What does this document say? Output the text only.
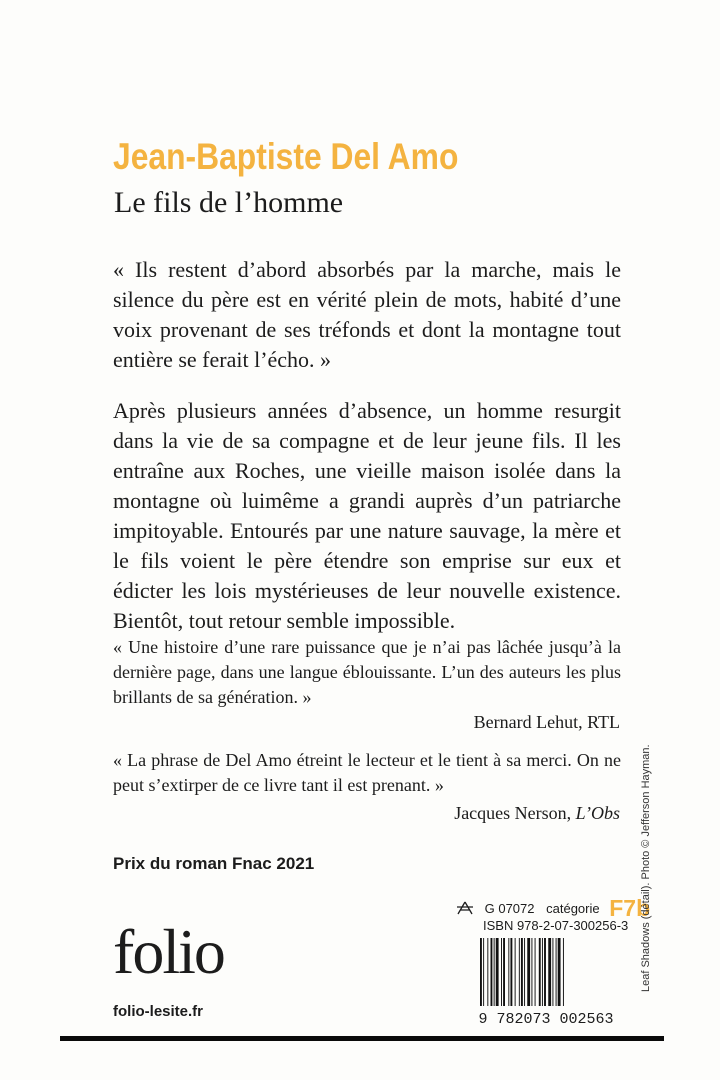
Jean-Baptiste Del Amo
Le fils de l’homme

« Ils restent d’abord absorbés par la marche, mais le silence du père est en vérité plein de mots, habité d’une voix provenant de ses tréfonds et dont la montagne tout entière se ferait l’écho. »

Après plusieurs années d’absence, un homme resurgit dans la vie de sa compagne et de leur jeune fils. Il les entraîne aux Roches, une vieille maison isolée dans la montagne où luimême a grandi auprès d’un patriarche impitoyable. Entourés par une nature sauvage, la mère et le fils voient le père étendre son emprise sur eux et édicter les lois mystérieuses de leur nouvelle existence. Bientôt, tout retour semble impossible.

« Une histoire d’une rare puissance que je n’ai pas lâchée jusqu’à la dernière page, dans une langue éblouissante. L’un des auteurs les plus brillants de sa génération. »

Bernard Lehut, RTL

« La phrase de Del Amo étreint le lecteur et le tient à sa merci. On ne peut s’extirper de ce livre tant il est prenant. »

Jacques Nerson, L’Obs
Prix du roman Fnac 2021
G 07072 catégorie F7b
ISBN 978-2-07-300256-3
9 782073 002563
folio
folio-lesite.fr
Leaf Shadows (détail). Photo © Jefferson Hayman.
